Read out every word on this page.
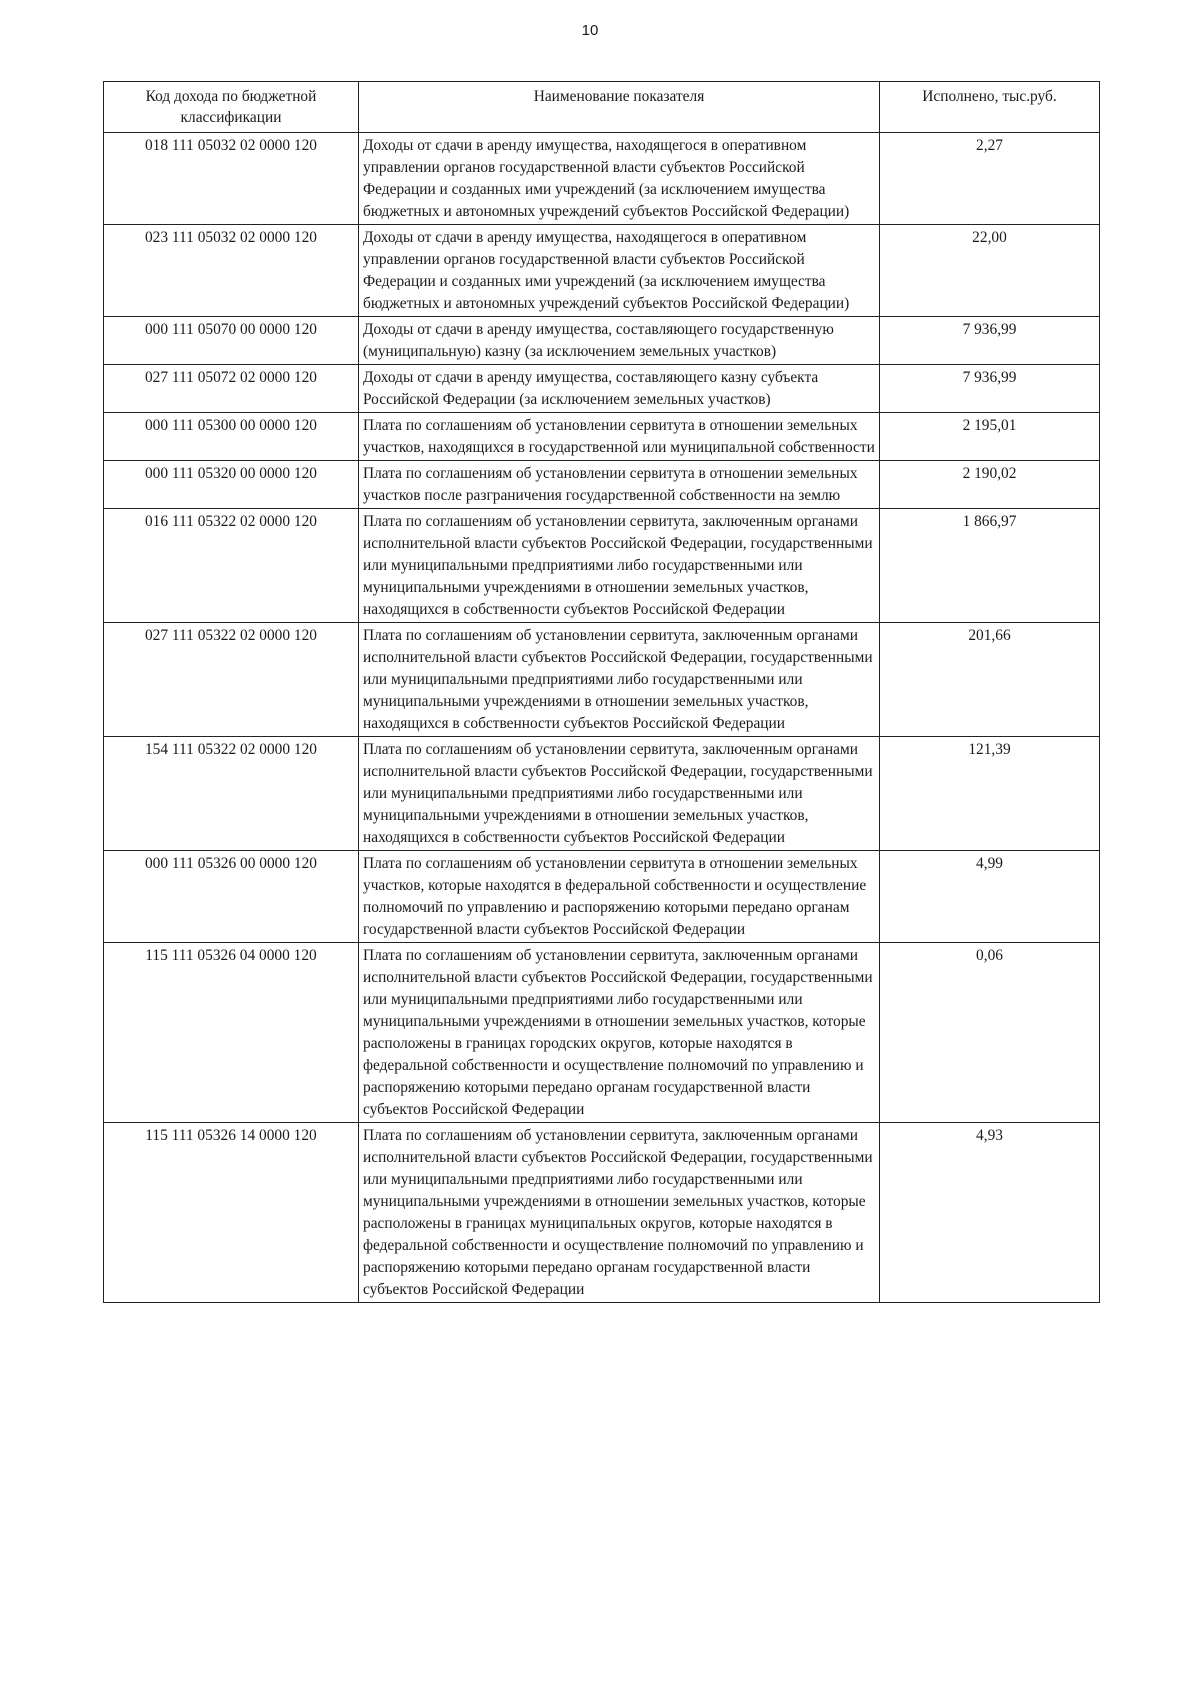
10
Код дохода по бюджетной классификации	Наименование показателя	Исполнено, тыс.руб.
018 111 05032 02 0000 120	Доходы от сдачи в аренду имущества, находящегося в оперативном управлении органов государственной власти субъектов Российской Федерации и созданных ими учреждений (за исключением имущества бюджетных и автономных учреждений субъектов Российской Федерации)	2,27
023 111 05032 02 0000 120	Доходы от сдачи в аренду имущества, находящегося в оперативном управлении органов государственной власти субъектов Российской Федерации и созданных ими учреждений (за исключением имущества бюджетных и автономных учреждений субъектов Российской Федерации)	22,00
000 111 05070 00 0000 120	Доходы от сдачи в аренду имущества, составляющего государственную (муниципальную) казну (за исключением земельных участков)	7 936,99
027 111 05072 02 0000 120	Доходы от сдачи в аренду имущества, составляющего казну субъекта Российской Федерации (за исключением земельных участков)	7 936,99
000 111 05300 00 0000 120	Плата по соглашениям об установлении сервитута в отношении земельных участков, находящихся в государственной или муниципальной собственности	2 195,01
000 111 05320 00 0000 120	Плата по соглашениям об установлении сервитута в отношении земельных участков после разграничения государственной собственности на землю	2 190,02
016 111 05322 02 0000 120	Плата по соглашениям об установлении сервитута, заключенным органами исполнительной власти субъектов Российской Федерации, государственными или муниципальными предприятиями либо государственными или муниципальными учреждениями в отношении земельных участков, находящихся в собственности субъектов Российской Федерации	1 866,97
027 111 05322 02 0000 120	Плата по соглашениям об установлении сервитута, заключенным органами исполнительной власти субъектов Российской Федерации, государственными или муниципальными предприятиями либо государственными или муниципальными учреждениями в отношении земельных участков, находящихся в собственности субъектов Российской Федерации	201,66
154 111 05322 02 0000 120	Плата по соглашениям об установлении сервитута, заключенным органами исполнительной власти субъектов Российской Федерации, государственными или муниципальными предприятиями либо государственными или муниципальными учреждениями в отношении земельных участков, находящихся в собственности субъектов Российской Федерации	121,39
000 111 05326 00 0000 120	Плата по соглашениям об установлении сервитута в отношении земельных участков, которые находятся в федеральной собственности и осуществление полномочий по управлению и распоряжению которыми передано органам государственной власти субъектов Российской Федерации	4,99
115 111 05326 04 0000 120	Плата по соглашениям об установлении сервитута, заключенным органами исполнительной власти субъектов Российской Федерации, государственными или муниципальными предприятиями либо государственными или муниципальными учреждениями в отношении земельных участков, которые расположены в границах городских округов, которые находятся в федеральной собственности и осуществление полномочий по управлению и распоряжению которыми передано органам государственной власти субъектов Российской Федерации	0,06
115 111 05326 14 0000 120	Плата по соглашениям об установлении сервитута, заключенным органами исполнительной власти субъектов Российской Федерации, государственными или муниципальными предприятиями либо государственными или муниципальными учреждениями в отношении земельных участков, которые расположены в границах муниципальных округов, которые находятся в федеральной собственности и осуществление полномочий по управлению и распоряжению которыми передано органам государственной власти субъектов Российской Федерации	4,93
